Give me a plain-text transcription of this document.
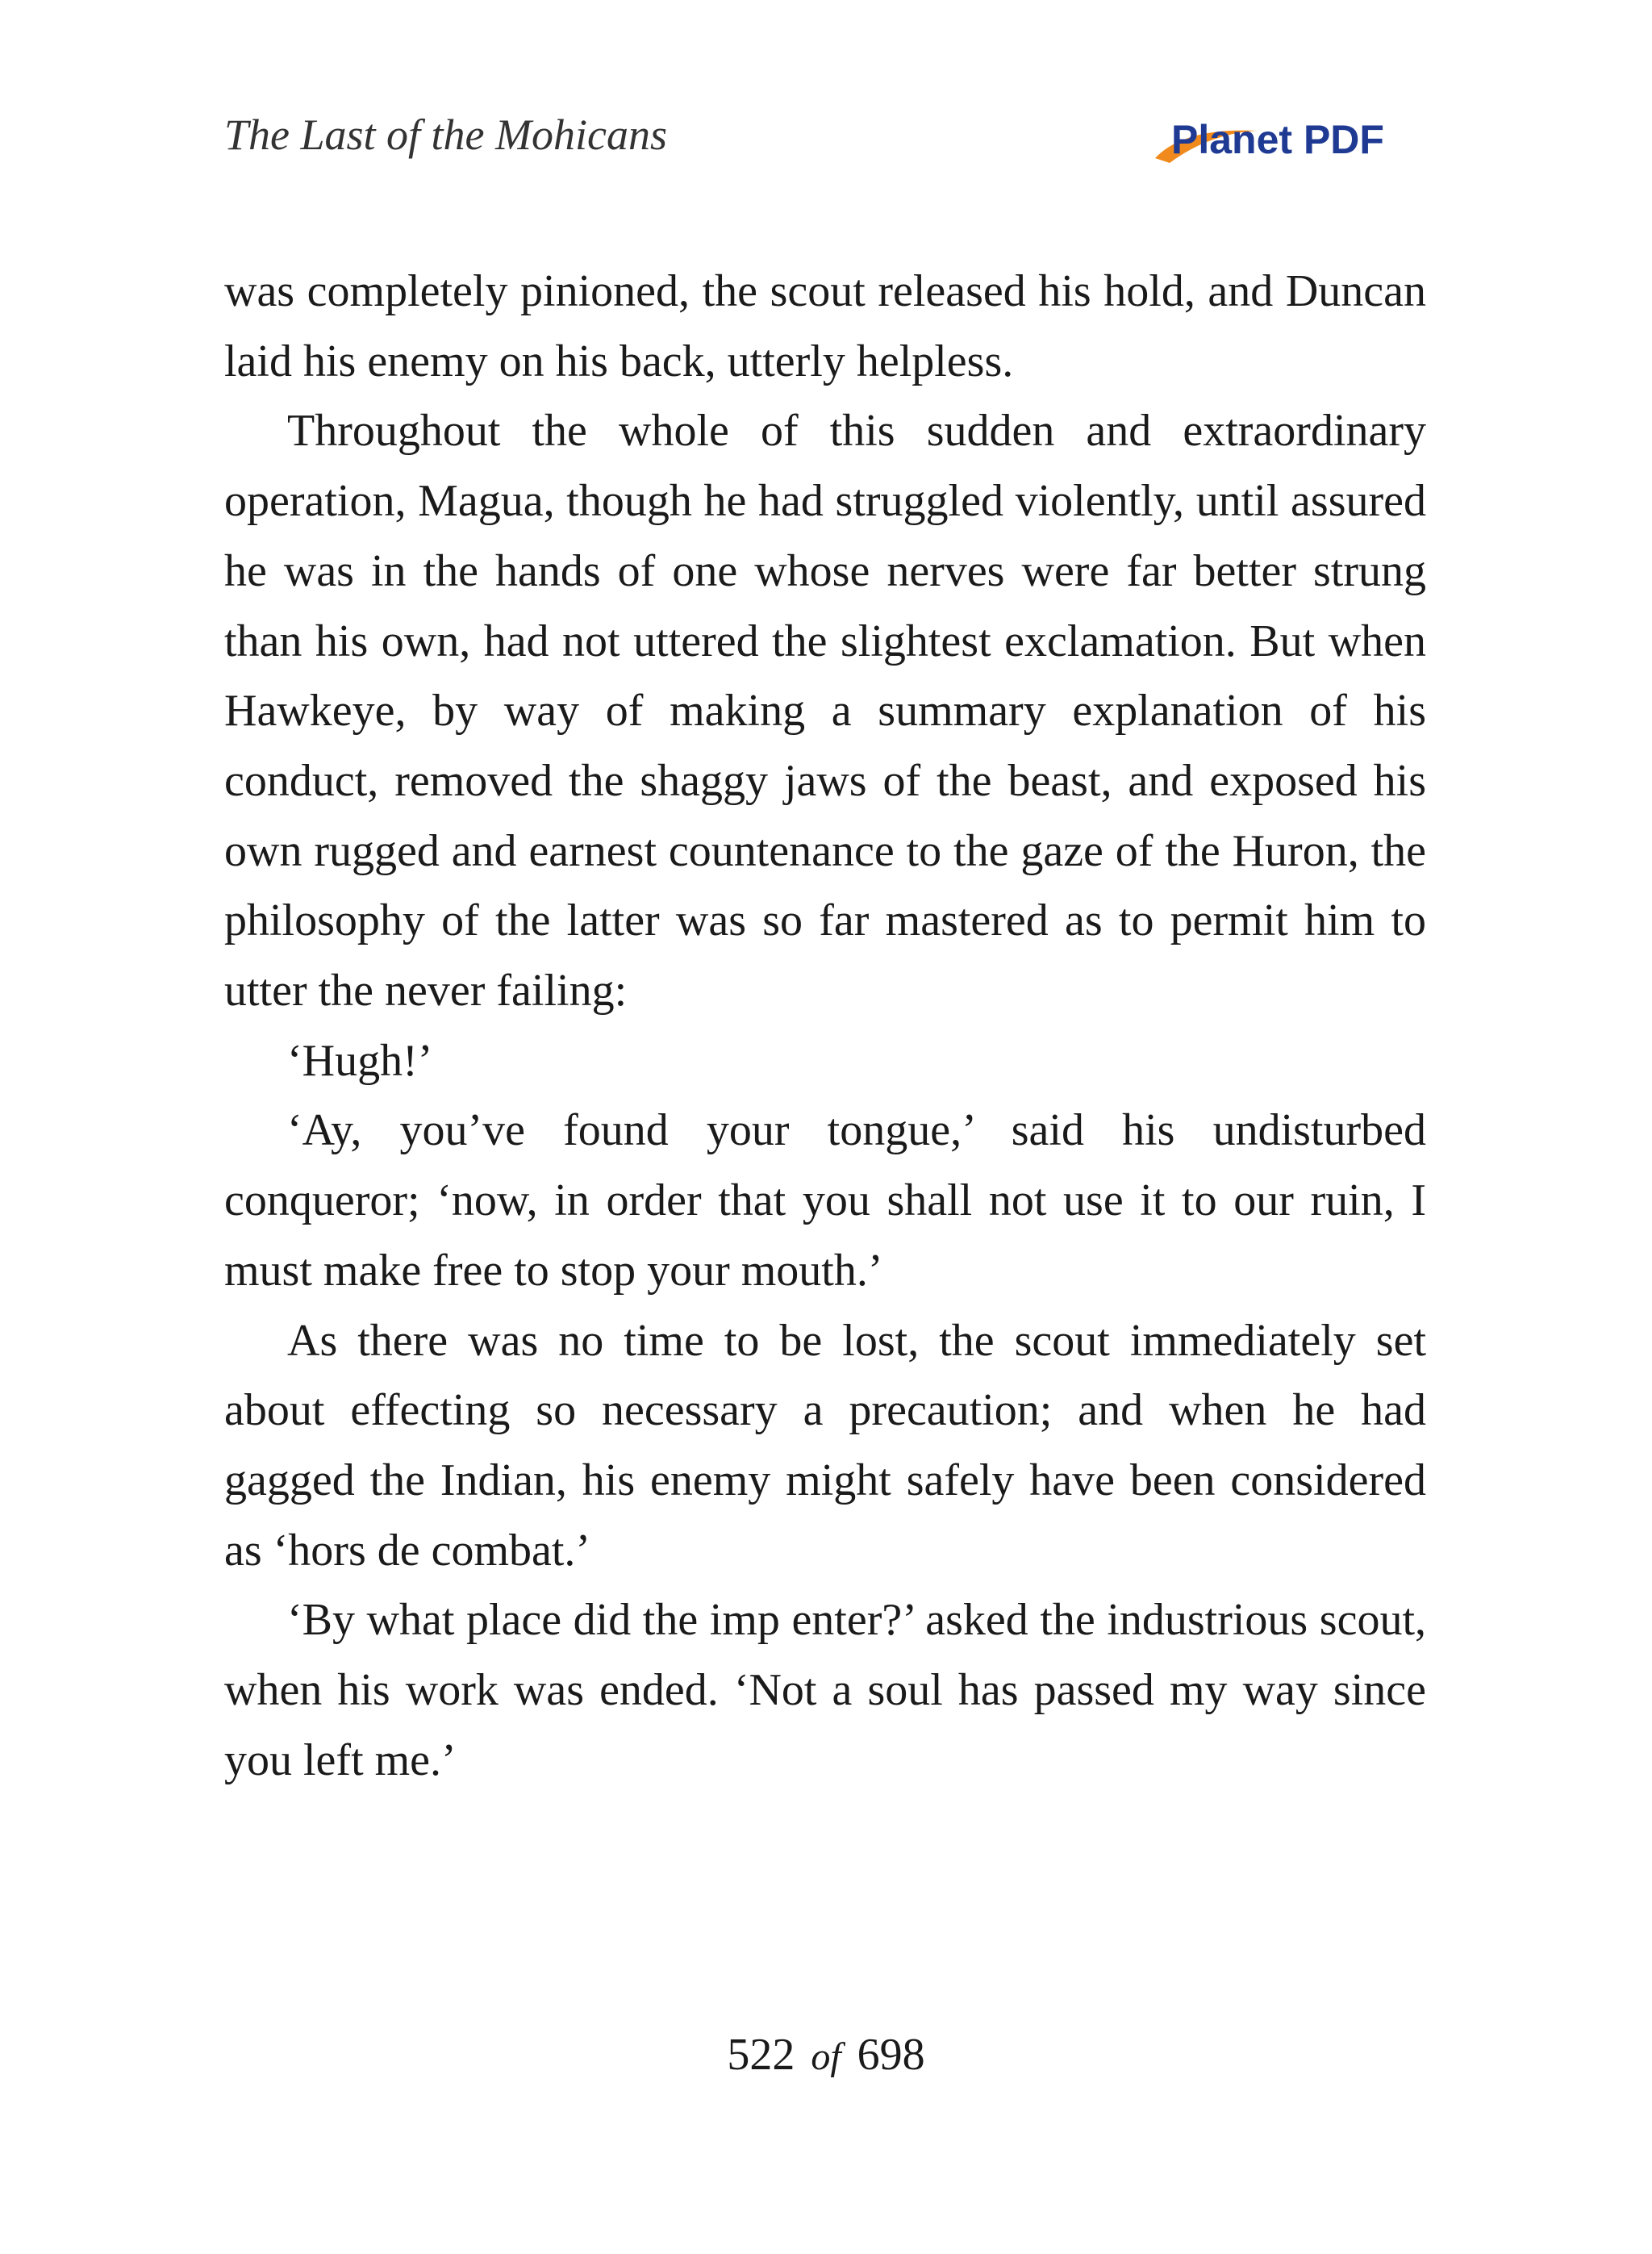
The Last of the Mohicans	Planet PDF

was completely pinioned, the scout released his hold, and Duncan laid his enemy on his back, utterly helpless.

Throughout the whole of this sudden and extraordinary operation, Magua, though he had struggled violently, until assured he was in the hands of one whose nerves were far better strung than his own, had not uttered the slightest exclamation. But when Hawkeye, by way of making a summary explanation of his conduct, removed the shaggy jaws of the beast, and exposed his own rugged and earnest countenance to the gaze of the Huron, the philosophy of the latter was so far mastered as to permit him to utter the never failing:

‘Hugh!’

‘Ay, you’ve found your tongue,’ said his undisturbed conqueror; ‘now, in order that you shall not use it to our ruin, I must make free to stop your mouth.’

As there was no time to be lost, the scout immediately set about effecting so necessary a precaution; and when he had gagged the Indian, his enemy might safely have been considered as ‘hors de combat.’

‘By what place did the imp enter?’ asked the industrious scout, when his work was ended. ‘Not a soul has passed my way since you left me.’

522 of 698
